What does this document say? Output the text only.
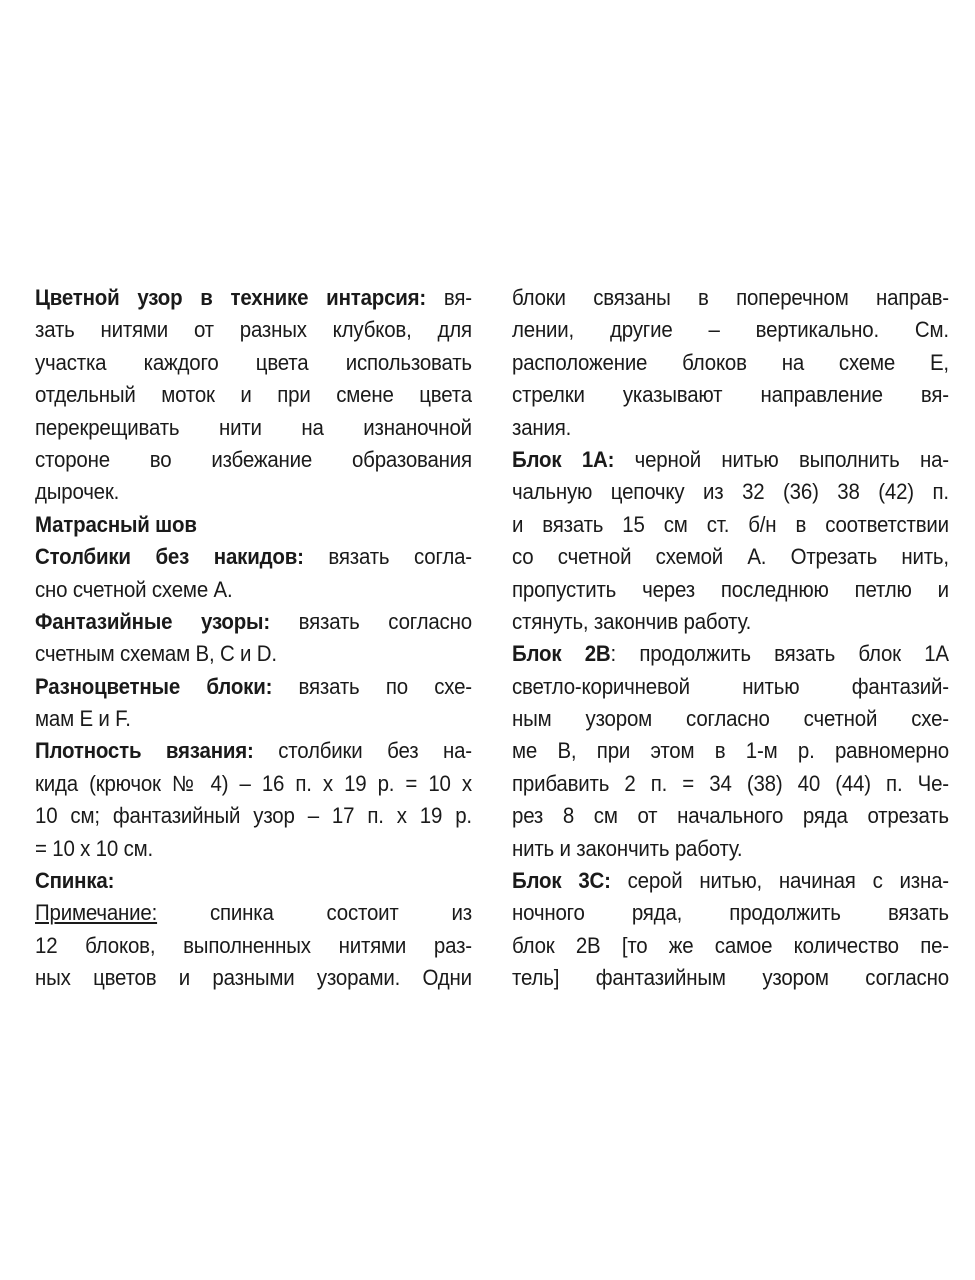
Цветной узор в технике интарсия: вя-
зать нитями от разных клубков, для
участка каждого цвета использовать
отдельный моток и при смене цвета
перекрещивать нити на изнаночной
стороне во избежание образования
дырочек.
Матрасный шов
Столбики без накидов: вязать согла-
сно счетной схеме А.
Фантазийные узоры: вязать согласно
счетным схемам В, С и D.
Разноцветные блоки: вязать по схе-
мам Е и F.
Плотность вязания: столбики без на-
кида (крючок № 4) – 16 п. х 19 р. = 10 х
10 см; фантазийный узор – 17 п. х 19 р.
= 10 х 10 см.
Спинка:
Примечание: спинка состоит из
12 блоков, выполненных нитями раз-
ных цветов и разными узорами. Одни
блоки связаны в поперечном направ-
лении, другие – вертикально. См.
расположение блоков на схеме Е,
стрелки указывают направление вя-
зания.
Блок 1А: черной нитью выполнить на-
чальную цепочку из 32 (36) 38 (42) п.
и вязать 15 см ст. б/н в соответствии
со счетной схемой А. Отрезать нить,
пропустить через последнюю петлю и
стянуть, закончив работу.
Блок 2В: продолжить вязать блок 1А
светло-коричневой нитью фантазий-
ным узором согласно счетной схе-
ме В, при этом в 1-м р. равномерно
прибавить 2 п. = 34 (38) 40 (44) п. Че-
рез 8 см от начального ряда отрезать
нить и закончить работу.
Блок 3С: серой нитью, начиная с изна-
ночного ряда, продолжить вязать
блок 2В [то же самое количество пе-
тель] фантазийным узором согласно
